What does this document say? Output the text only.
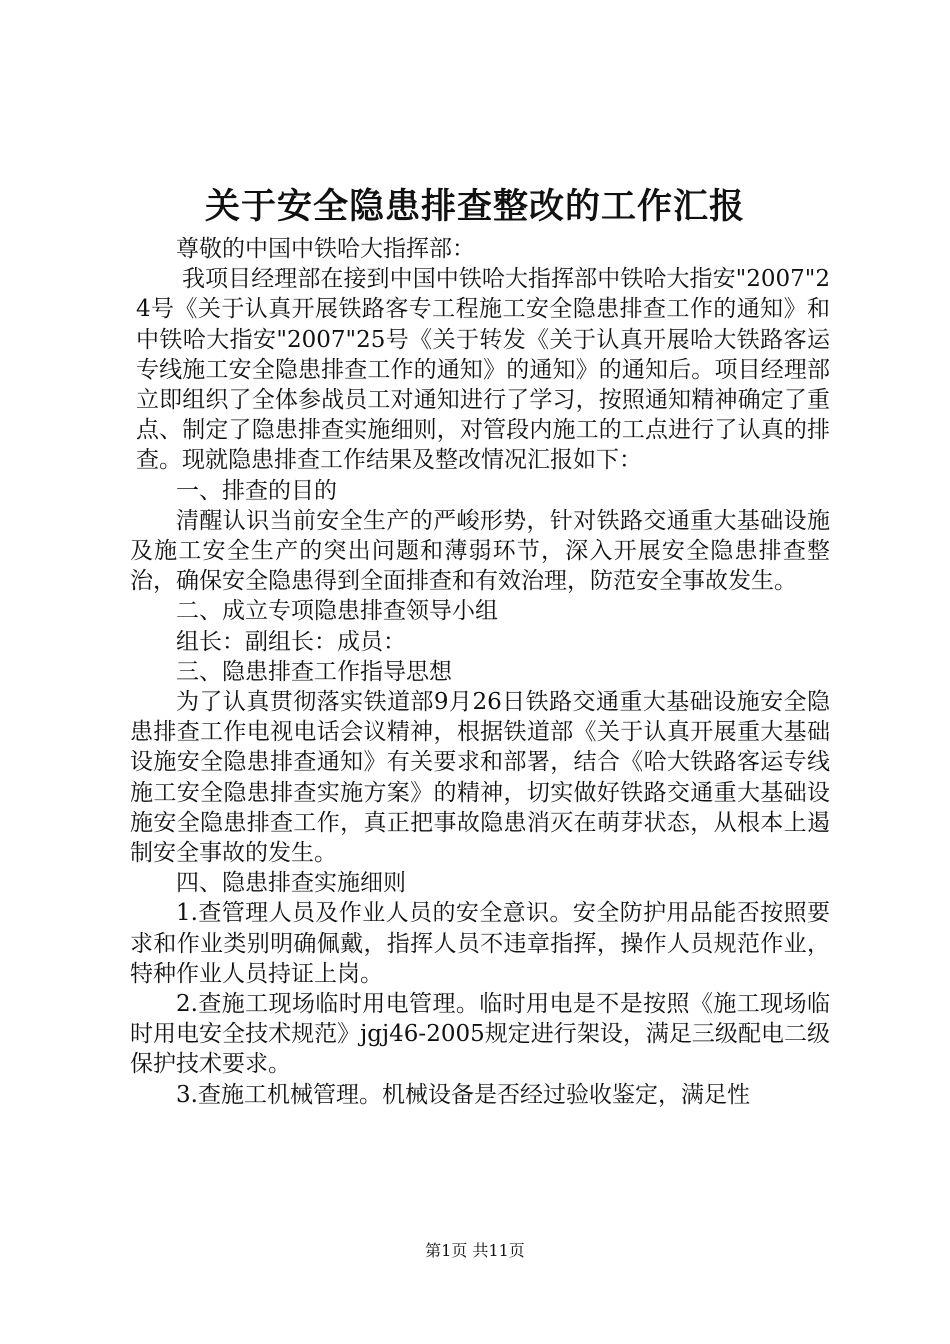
关于安全隐患排查整改的工作汇报

尊敬的中国中铁哈大指挥部：

我项目经理部在接到中国中铁哈大指挥部中铁哈大指安"2007"24号《关于认真开展铁路客专工程施工安全隐患排查工作的通知》和中铁哈大指安"2007"25号《关于转发《关于认真开展哈大铁路客运专线施工安全隐患排查工作的通知》的通知》的通知后。项目经理部立即组织了全体参战员工对通知进行了学习，按照通知精神确定了重点、制定了隐患排查实施细则，对管段内施工的工点进行了认真的排查。现就隐患排查工作结果及整改情况汇报如下：

一、排查的目的

清醒认识当前安全生产的严峻形势，针对铁路交通重大基础设施及施工安全生产的突出问题和薄弱环节，深入开展安全隐患排查整治，确保安全隐患得到全面排查和有效治理，防范安全事故发生。

二、成立专项隐患排查领导小组

组长：副组长：成员：

三、隐患排查工作指导思想

为了认真贯彻落实铁道部9月26日铁路交通重大基础设施安全隐患排查工作电视电话会议精神，根据铁道部《关于认真开展重大基础设施安全隐患排查通知》有关要求和部署，结合《哈大铁路客运专线施工安全隐患排查实施方案》的精神，切实做好铁路交通重大基础设施安全隐患排查工作，真正把事故隐患消灭在萌芽状态，从根本上遏制安全事故的发生。

四、隐患排查实施细则

1.查管理人员及作业人员的安全意识。安全防护用品能否按照要求和作业类别明确佩戴，指挥人员不违章指挥，操作人员规范作业，特种作业人员持证上岗。

2.查施工现场临时用电管理。临时用电是不是按照《施工现场临时用电安全技术规范》jgj46-2005规定进行架设，满足三级配电二级保护技术要求。

3.查施工机械管理。机械设备是否经过验收鉴定，满足性

第1页 共11页
